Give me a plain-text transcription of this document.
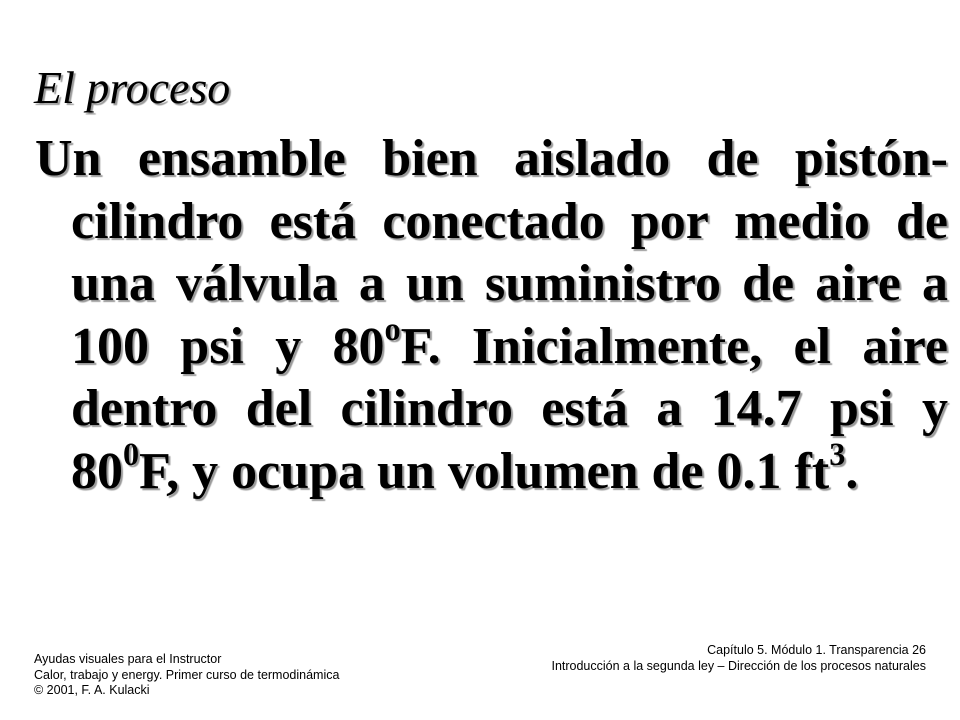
El proceso
Un ensamble bien aislado de pistón-cilindro está conectado por medio de una válvula a un suministro de aire a 100 psi y 80$^o$F. Inicialmente, el aire dentro del cilindro está a 14.7 psi y $80^0F$, y ocupa un volumen de 0.1 $ft^3$.
Ayudas visuales para el Instructor
Calor, trabajo y energy. Primer curso de termodinámica
© 2001, F. A. Kulacki
Capítulo 5. Módulo 1. Transparencia 26
Introducción a la segunda ley – Dirección de los procesos naturales
